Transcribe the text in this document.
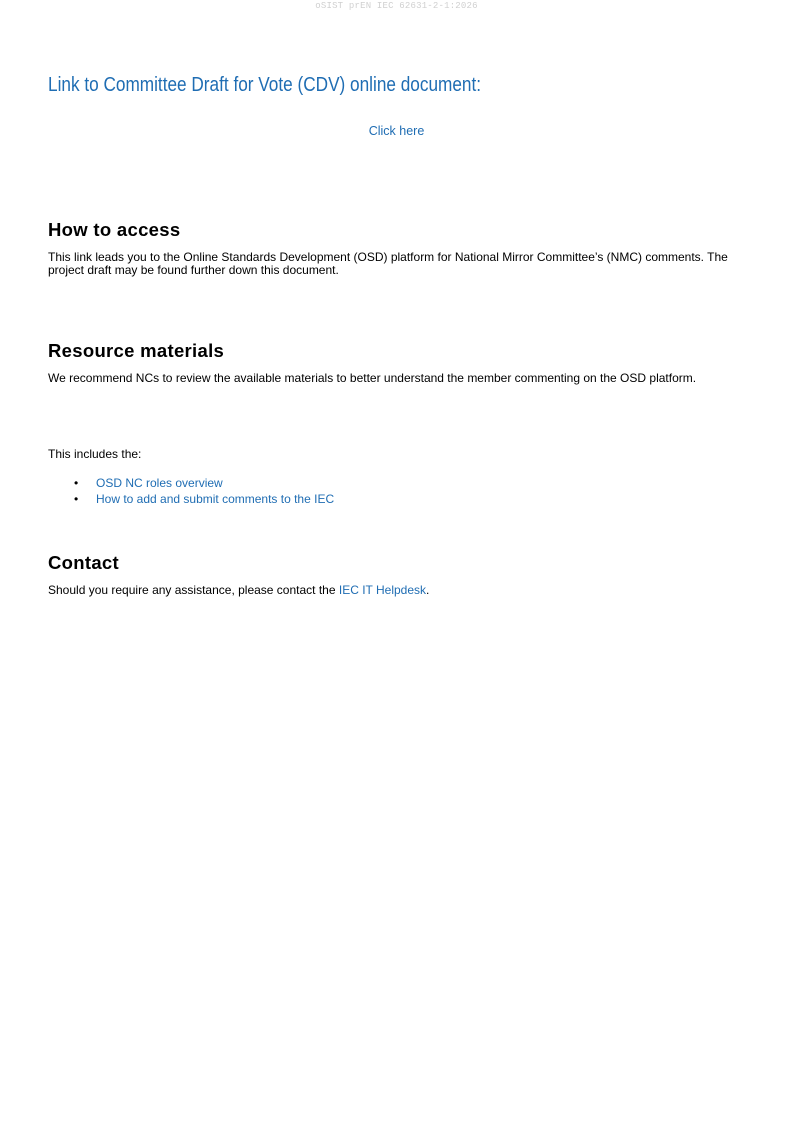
oSIST prEN IEC 62631-2-1:2026
Link to Committee Draft for Vote (CDV) online document:
Click here
How to access

This link leads you to the Online Standards Development (OSD) platform for National Mirror Committee’s (NMC) comments. The project draft may be found further down this document.

Resource materials

We recommend NCs to review the available materials to better understand the member commenting on the OSD platform.

This includes the:

• OSD NC roles overview
• How to add and submit comments to the IEC
Contact

Should you require any assistance, please contact the IEC IT Helpdesk.
